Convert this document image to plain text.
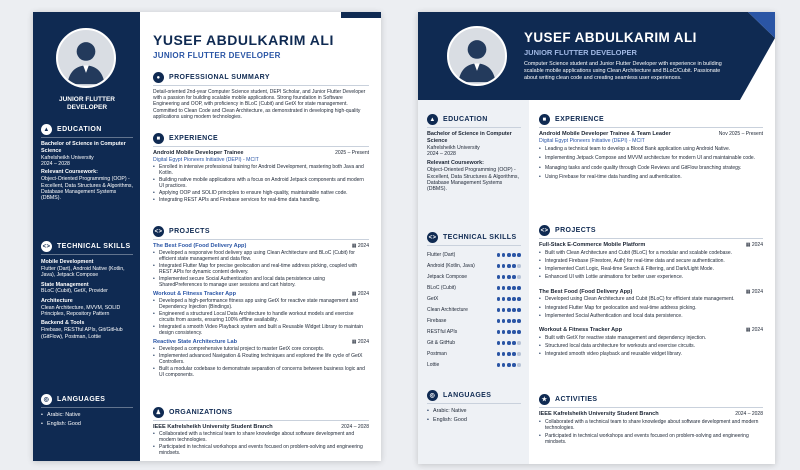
JUNIOR FLUTTER DEVELOPER
▲	EDUCATION
Bachelor of Science in Computer Science
Kafrelsheikh University
2024 – 2028
Relevant Coursework:
Object-Oriented Programming (OOP) - Excellent, Data Structures & Algorithms, Database Management Systems (DBMS).
<> TECHNICAL SKILLS
Mobile Development
Flutter (Dart), Android Native (Kotlin, Java), Jetpack Compose
State Management
BLoC (Cubit), GetX, Provider
Architecture
Clean Architecture, MVVM, SOLID Principles, Repository Pattern
Backend & Tools
Firebase, RESTful APIs, Git/GitHub (GitFlow), Postman, Lottie
◎	LANGUAGES
• Arabic: Native
• English: Good
YUSEF ABDULKARIM ALI
JUNIOR FLUTTER DEVELOPER
●	PROFESSIONAL SUMMARY
Detail-oriented 2nd-year Computer Science student, DEPI Scholar, and Junior Flutter Developer with a passion for building scalable mobile applications. Strong foundation in Software Engineering and OOP, with proficiency in BLoC (Cubit) and GetX for state management. Committed to Clean Code and Clean Architecture, as demonstrated in developing high-quality applications using modern technologies.
■	EXPERIENCE
Android Mobile Developer Trainee	2025 – Present
Digital Egypt Pioneers Initiative (DEPI) - MCIT
• Enrolled in intensive professional training for Android Development, mastering both Java and Kotlin.
• Building native mobile applications with a focus on Android Jetpack components and modern UI practices.
• Applying OOP and SOLID principles to ensure high-quality, maintainable native code.
• Integrating REST APIs and Firebase services for real-time data handling.
<> PROJECTS
The Best Food (Food Delivery App)	▦ 2024
• Developed a responsive food delivery app using Clean Architecture and BLoC (Cubit) for efficient state management and data flow.
• Integrated Flutter Map for precise geolocation and real-time address picking, coupled with REST APIs for dynamic content delivery.
• Implemented secure Social Authentication and local data persistence using SharedPreferences to manage user sessions and cart history.
Workout & Fitness Tracker App	▦ 2024
• Developed a high-performance fitness app using GetX for reactive state management and Dependency Injection (Bindings).
• Engineered a structured Local Data Architecture to handle workout models and exercise circuits from assets, ensuring 100% offline availability.
• Integrated a smooth Video Playback system and built a Reusable Widget Library to maintain design consistency.
Reactive State Architecture Lab	▦ 2024
• Developed a comprehensive tutorial project to master GetX core concepts.
• Implemented advanced Navigation & Routing techniques and explored the life cycle of GetX Controllers.
• Built a modular codebase to demonstrate separation of concerns between business logic and UI components.
♟	ORGANIZATIONS
IEEE Kafrelsheikh University Student Branch	2024 – 2028
• Collaborated with a technical team to share knowledge about software development and modern technologies.
• Participated in technical workshops and events focused on problem-solving and engineering mindsets.
YUSEF ABDULKARIM ALI
JUNIOR FLUTTER DEVELOPER
Computer Science student and Junior Flutter Developer with experience in building scalable mobile applications using Clean Architecture and BLoC/Cubit. Passionate about writing clean code and creating seamless user experiences.
▲	EDUCATION
Bachelor of Science in Computer Science
Kafrelsheikh University
2024 – 2028
Relevant Coursework:
Object-Oriented Programming (OOP) - Excellent, Data Structures & Algorithms, Database Management Systems (DBMS).
<> TECHNICAL SKILLS
Flutter (Dart)
Android (Kotlin, Java)
Jetpack Compose
BLoC (Cubit)
GetX
Clean Architecture
Firebase
RESTful APIs
Git & GitHub
Postman
Lottie
◎	LANGUAGES
• Arabic: Native
• English: Good
■	EXPERIENCE
Android Mobile Developer Trainee & Team Leader	Nov 2025 – Present
Digital Egypt Pioneers Initiative (DEPI) - MCIT
• Leading a technical team to develop a Blood Bank application using Android Native.
• Implementing Jetpack Compose and MVVM architecture for modern UI and maintainable code.
• Managing tasks and code quality through Code Reviews and GitFlow branching strategy.
• Using Firebase for real-time data handling and authentication.
<> PROJECTS
Full-Stack E-Commerce Mobile Platform	▦ 2024
• Built with Clean Architecture and Cubit (BLoC) for a modular and scalable codebase.
• Integrated Firebase (Firestore, Auth) for real-time data and secure authentication.
• Implemented Cart Logic, Real-time Search & Filtering, and Dark/Light Mode.
• Enhanced UI with Lottie animations for better user experience.
The Best Food (Food Delivery App)	▦ 2024
• Developed using Clean Architecture and Cubit (BLoC) for efficient state management.
• Integrated Flutter Map for geolocation and real-time address picking.
• Implemented Social Authentication and local data persistence.
Workout & Fitness Tracker App	▦ 2024
• Built with GetX for reactive state management and dependency injection.
• Structured local data architecture for workouts and exercise circuits.
• Integrated smooth video playback and reusable widget library.
★	ACTIVITIES
IEEE Kafrelsheikh University Student Branch	2024 – 2028
• Collaborated with a technical team to share knowledge about software development and modern technologies.
• Participated in technical workshops and events focused on problem-solving and engineering mindsets.
